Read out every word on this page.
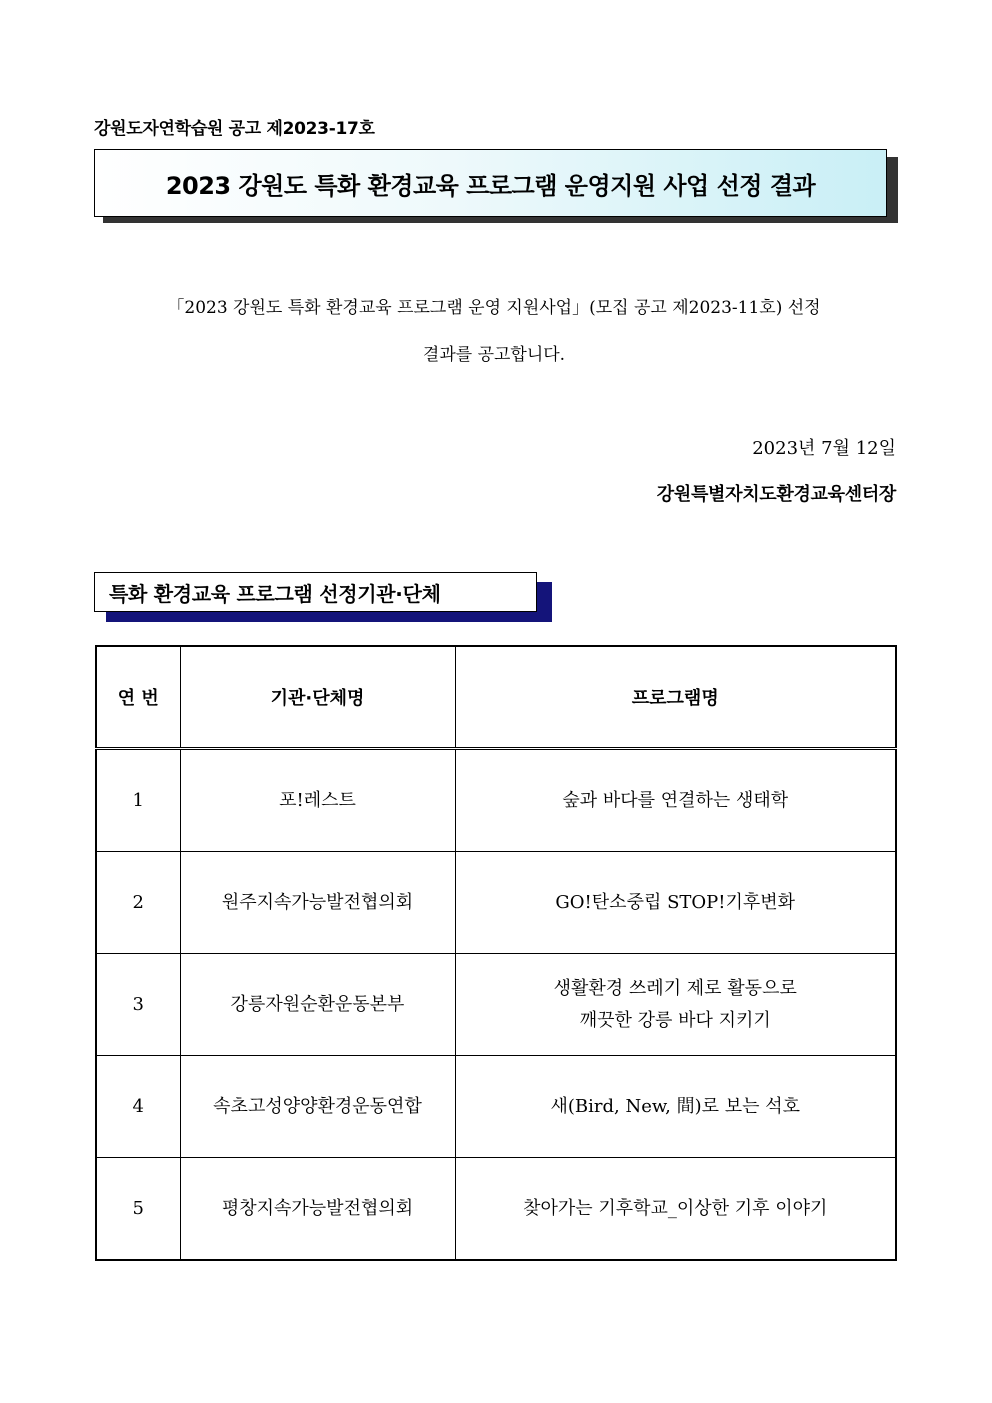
강원도자연학습원 공고 제2023-17호
2023 강원도 특화 환경교육 프로그램 운영지원 사업 선정 결과
「2023 강원도 특화 환경교육 프로그램 운영 지원사업」(모집 공고 제2023-11호) 선정
결과를 공고합니다.
2023년 7월 12일
강원특별자치도환경교육센터장
특화 환경교육 프로그램 선정기관·단체
연 번	기관·단체명	프로그램명
1	포!레스트	숲과 바다를 연결하는 생태학

2	원주지속가능발전협의회	GO!탄소중립 STOP!기후변화

3	강릉자원순환운동본부	생활환경 쓰레기 제로 활동으로
깨끗한 강릉 바다 지키기

4	속초고성양양환경운동연합	새(Bird, New, 間)로 보는 석호

5	평창지속가능발전협의회	찾아가는 기후학교_이상한 기후 이야기
